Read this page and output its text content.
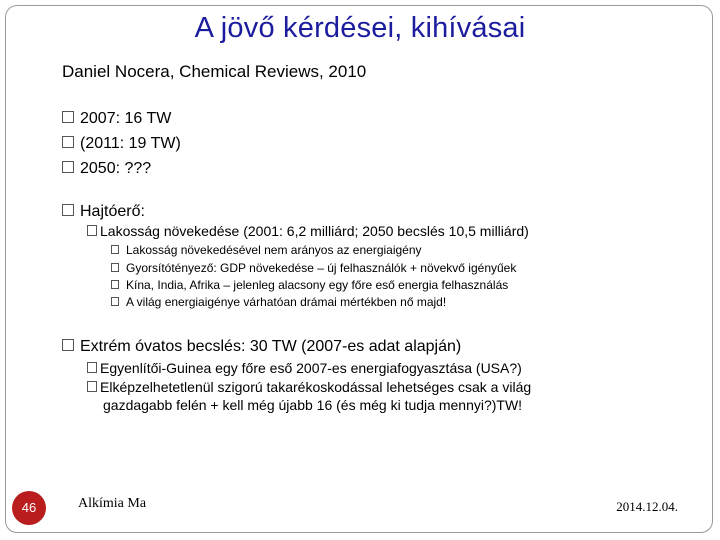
A jövő kérdései, kihívásai
Daniel Nocera, Chemical Reviews, 2010
2007: 16 TW
(2011: 19 TW)
2050: ???
Hajtóerő:
Lakosság növekedése (2001: 6,2 milliárd; 2050 becslés 10,5 milliárd)
Lakosság növekedésével nem arányos az energiaigény
Gyorsítótényező: GDP növekedése – új felhasználók + növekvő igényűek
Kína, India, Afrika – jelenleg alacsony egy főre eső energia felhasználás
A világ energiaigénye várhatóan drámai mértékben nő majd!
Extrém óvatos becslés: 30 TW (2007-es adat alapján)
Egyenlítői-Guinea egy főre eső 2007-es energiafogyasztása (USA?)
Elképzelhetetlenül szigorú takarékoskodással lehetséges csak a világ
gazdagabb felén + kell még újabb 16 (és még ki tudja mennyi?)TW!
46	Alkímia Ma	2014.12.04.
